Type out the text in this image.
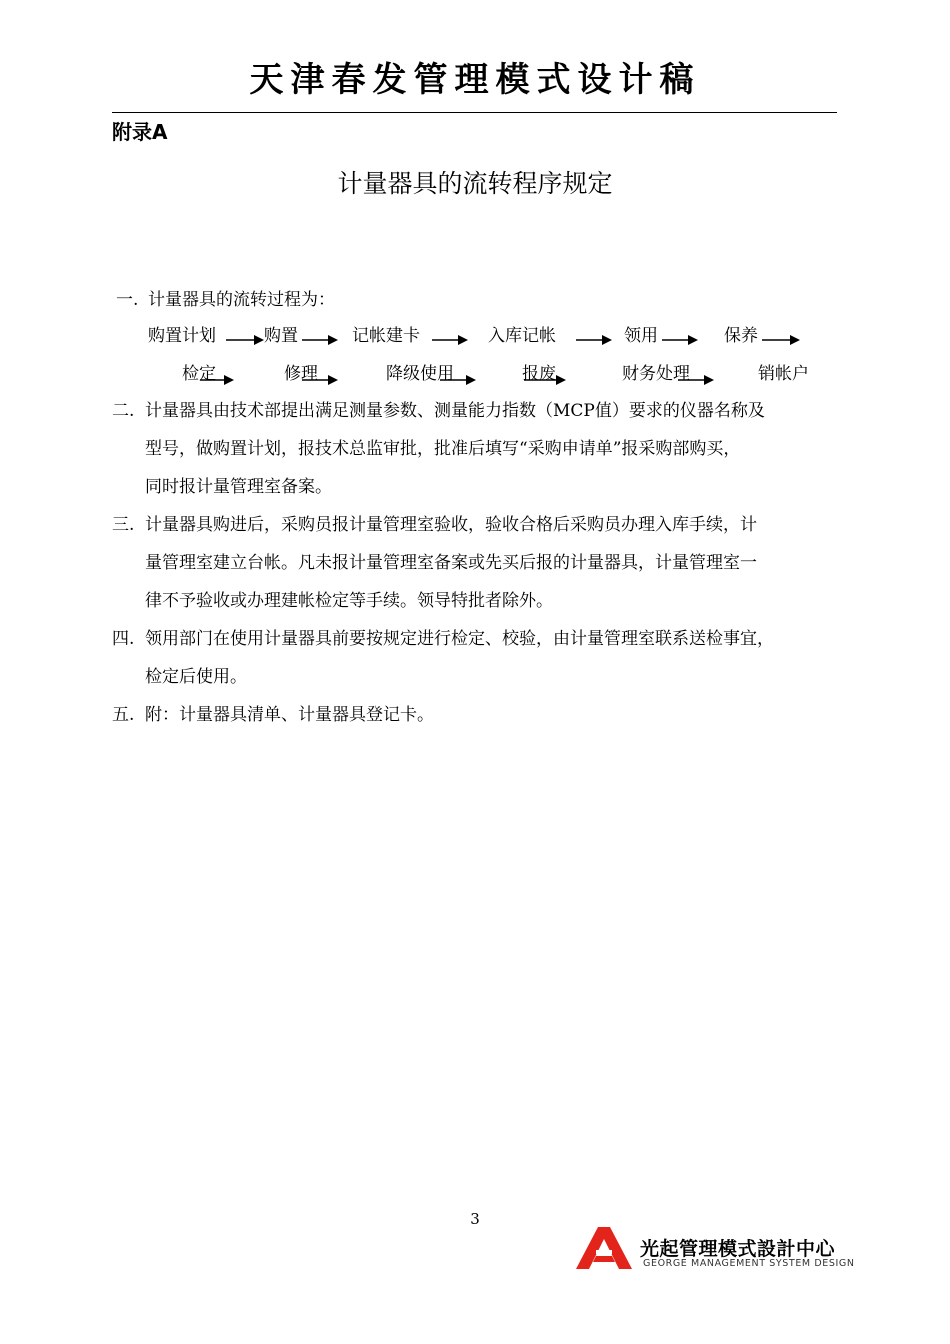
天津春发管理模式设计稿
附录A
计量器具的流转程序规定
一. 计量器具的流转过程为：
购置计划	购置	记帐建卡	入库记帐	领用	保养
检定	修理	降级使用	报废	财务处理	销帐户
二. 计量器具由技术部提出满足测量参数、测量能力指数（MCP值）要求的仪器名称及
型号，做购置计划，报技术总监审批，批准后填写“采购申请单”报采购部购买，
同时报计量管理室备案。
三. 计量器具购进后，采购员报计量管理室验收，验收合格后采购员办理入库手续，计
量管理室建立台帐。凡未报计量管理室备案或先买后报的计量器具，计量管理室一
律不予验收或办理建帐检定等手续。领导特批者除外。
四. 领用部门在使用计量器具前要按规定进行检定、校验，由计量管理室联系送检事宜，
检定后使用。
五. 附：计量器具清单、计量器具登记卡。
3
光起管理模式設計中心
GEORGE MANAGEMENT SYSTEM DESIGN
